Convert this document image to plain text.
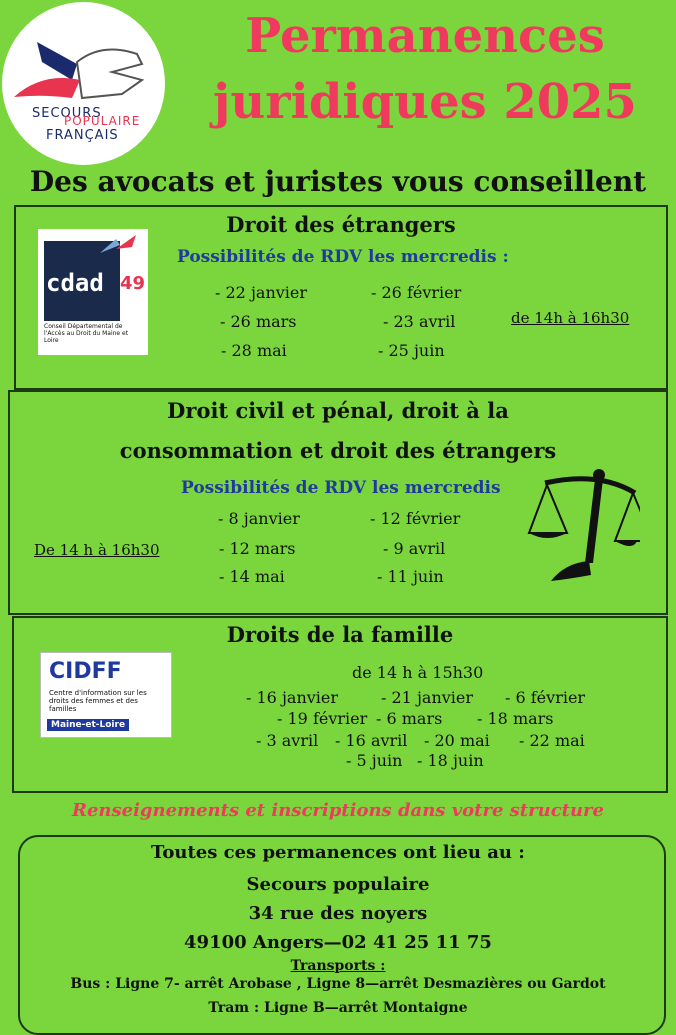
SECOURS
POPULAIRE
FRANÇAIS
Permanences
juridiques 2025
Des avocats et juristes vous conseillent
Droit des étrangers
cdad 49
Conseil Départemental de l'Accès au Droit du Maine et Loire
Possibilités de RDV les mercredis :
- 22 janvier	- 26 février
- 26 mars	- 23 avril
- 28 mai	- 25 juin
de 14h à 16h30
Droit civil et pénal, droit à la
consommation et droit des étrangers
Possibilités de RDV les mercredis
- 8 janvier	- 12 février
- 12 mars	- 9 avril
- 14 mai	- 11 juin
De 14 h à 16h30
Droits de la famille
CIDFF
Centre d'information sur les droits des femmes et des familles
Maine-et-Loire
de 14 h à 15h30
- 16 janvier	- 21 janvier - 6 février
- 19 février - 6 mars - 18 mars
- 3 avril - 16 avril - 20 mai - 22 mai
- 5 juin - 18 juin
Renseignements et inscriptions dans votre structure
Toutes ces permanences ont lieu au :
Secours populaire
34 rue des noyers
49100 Angers—02 41 25 11 75
Transports :
Bus : Ligne 7- arrêt Arobase , Ligne 8—arrêt Desmazières ou Gardot
Tram : Ligne B—arrêt Montaigne
